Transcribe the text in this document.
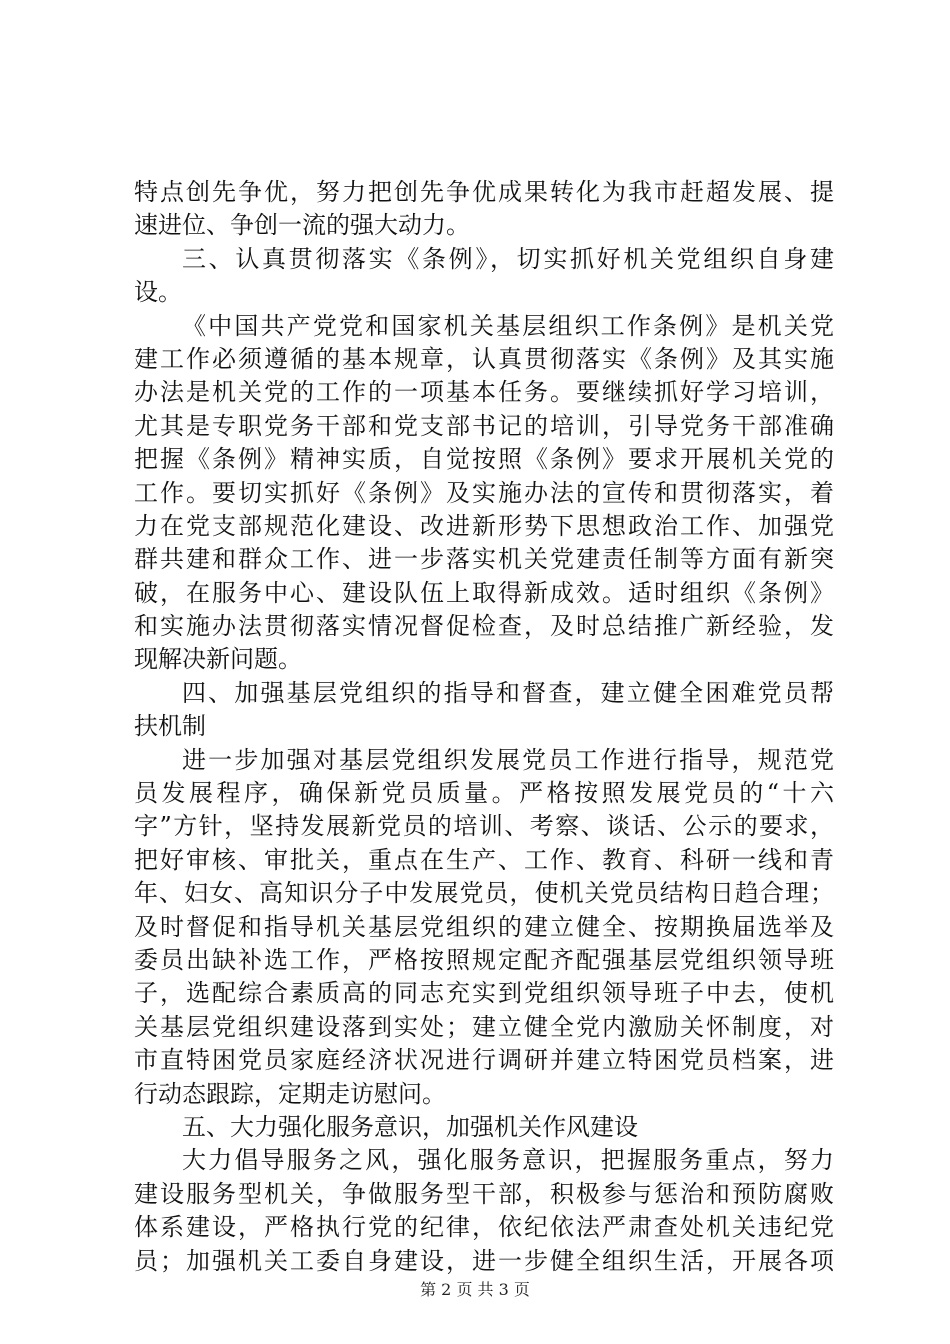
特点创先争优，努力把创先争优成果转化为我市赶超发展、提
速进位、争创一流的强大动力。
三、认真贯彻落实《条例》，切实抓好机关党组织自身建
设。
《中国共产党党和国家机关基层组织工作条例》是机关党
建工作必须遵循的基本规章，认真贯彻落实《条例》及其实施
办法是机关党的工作的一项基本任务。要继续抓好学习培训，
尤其是专职党务干部和党支部书记的培训，引导党务干部准确
把握《条例》精神实质，自觉按照《条例》要求开展机关党的
工作。要切实抓好《条例》及实施办法的宣传和贯彻落实，着
力在党支部规范化建设、改进新形势下思想政治工作、加强党
群共建和群众工作、进一步落实机关党建责任制等方面有新突
破，在服务中心、建设队伍上取得新成效。适时组织《条例》
和实施办法贯彻落实情况督促检查，及时总结推广新经验，发
现解决新问题。
四、加强基层党组织的指导和督查，建立健全困难党员帮
扶机制
进一步加强对基层党组织发展党员工作进行指导，规范党
员发展程序，确保新党员质量。严格按照发展党员的“十六
字”方针，坚持发展新党员的培训、考察、谈话、公示的要求，
把好审核、审批关，重点在生产、工作、教育、科研一线和青
年、妇女、高知识分子中发展党员，使机关党员结构日趋合理；
及时督促和指导机关基层党组织的建立健全、按期换届选举及
委员出缺补选工作，严格按照规定配齐配强基层党组织领导班
子，选配综合素质高的同志充实到党组织领导班子中去，使机
关基层党组织建设落到实处；建立健全党内激励关怀制度，对
市直特困党员家庭经济状况进行调研并建立特困党员档案，进
行动态跟踪，定期走访慰问。
五、大力强化服务意识，加强机关作风建设
大力倡导服务之风，强化服务意识，把握服务重点，努力
建设服务型机关，争做服务型干部，积极参与惩治和预防腐败
体系建设，严格执行党的纪律，依纪依法严肃查处机关违纪党
员；加强机关工委自身建设，进一步健全组织生活，开展各项
第 2 页 共 3 页
